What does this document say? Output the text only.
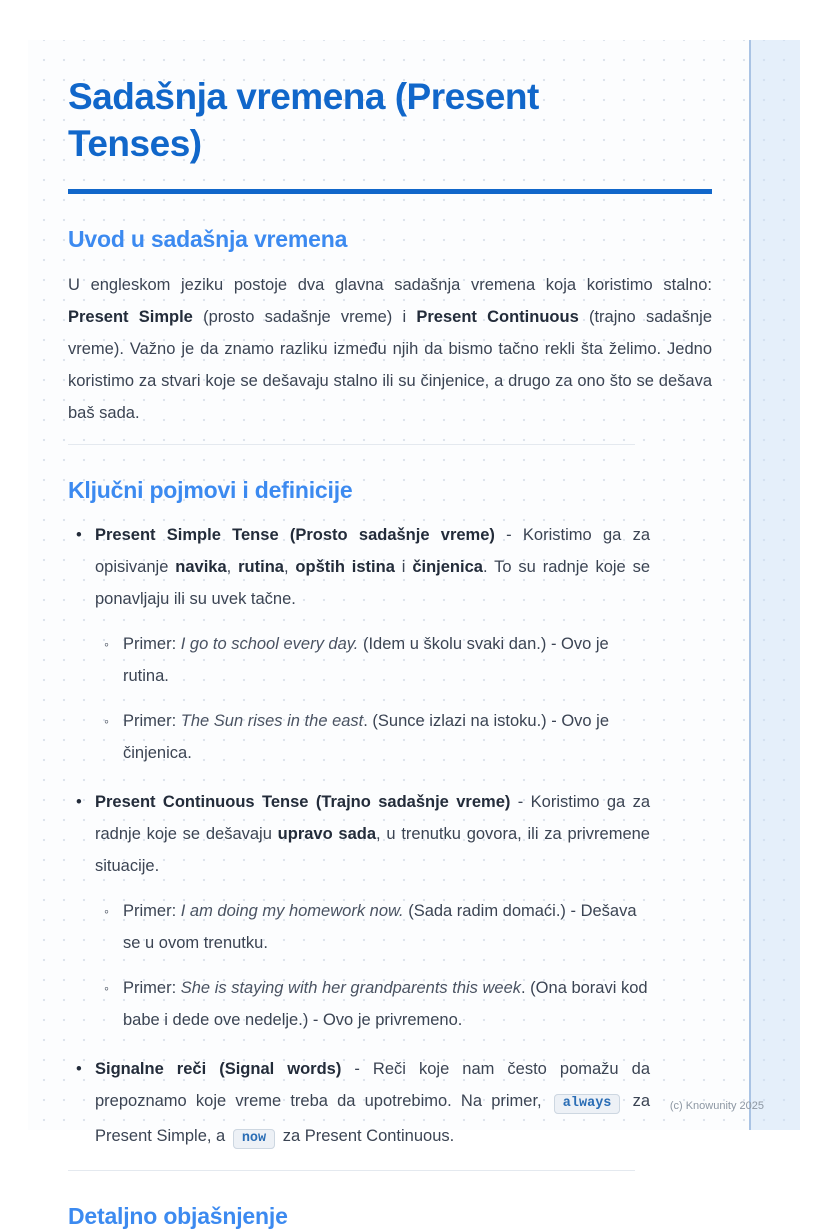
Sadašnja vremena (Present Tenses)
Uvod u sadašnja vremena

U engleskom jeziku postoje dva glavna sadašnja vremena koja koristimo stalno: Present Simple (prosto sadašnje vreme) i Present Continuous (trajno sadašnje vreme). Važno je da znamo razliku između njih da bismo tačno rekli šta želimo. Jedno koristimo za stvari koje se dešavaju stalno ili su činjenice, a drugo za ono što se dešava baš sada.

Ključni pojmovi i definicije
• Present Simple Tense (Prosto sadašnje vreme) - Koristimo ga za opisivanje navika, rutina, opštih istina i činjenica. To su radnje koje se ponavljaju ili su uvek tačne.
◦ Primer: I go to school every day. (Idem u školu svaki dan.) - Ovo je rutina.
◦ Primer: The Sun rises in the east. (Sunce izlazi na istoku.) - Ovo je činjenica.
• Present Continuous Tense (Trajno sadašnje vreme) - Koristimo ga za radnje koje se dešavaju upravo sada, u trenutku govora, ili za privremene situacije.
◦ Primer: I am doing my homework now. (Sada radim domaći.) - Dešava se u ovom trenutku.
◦ Primer: She is staying with her grandparents this week. (Ona boravi kod babe i dede ove nedelje.) - Ovo je privremeno.
• Signalne reči (Signal words) - Reči koje nam često pomažu da prepoznamo koje vreme treba da upotrebimo. Na primer, always za Present Simple, a now za Present Continuous.
Detaljno objašnjenje
(c) Knowunity 2025
